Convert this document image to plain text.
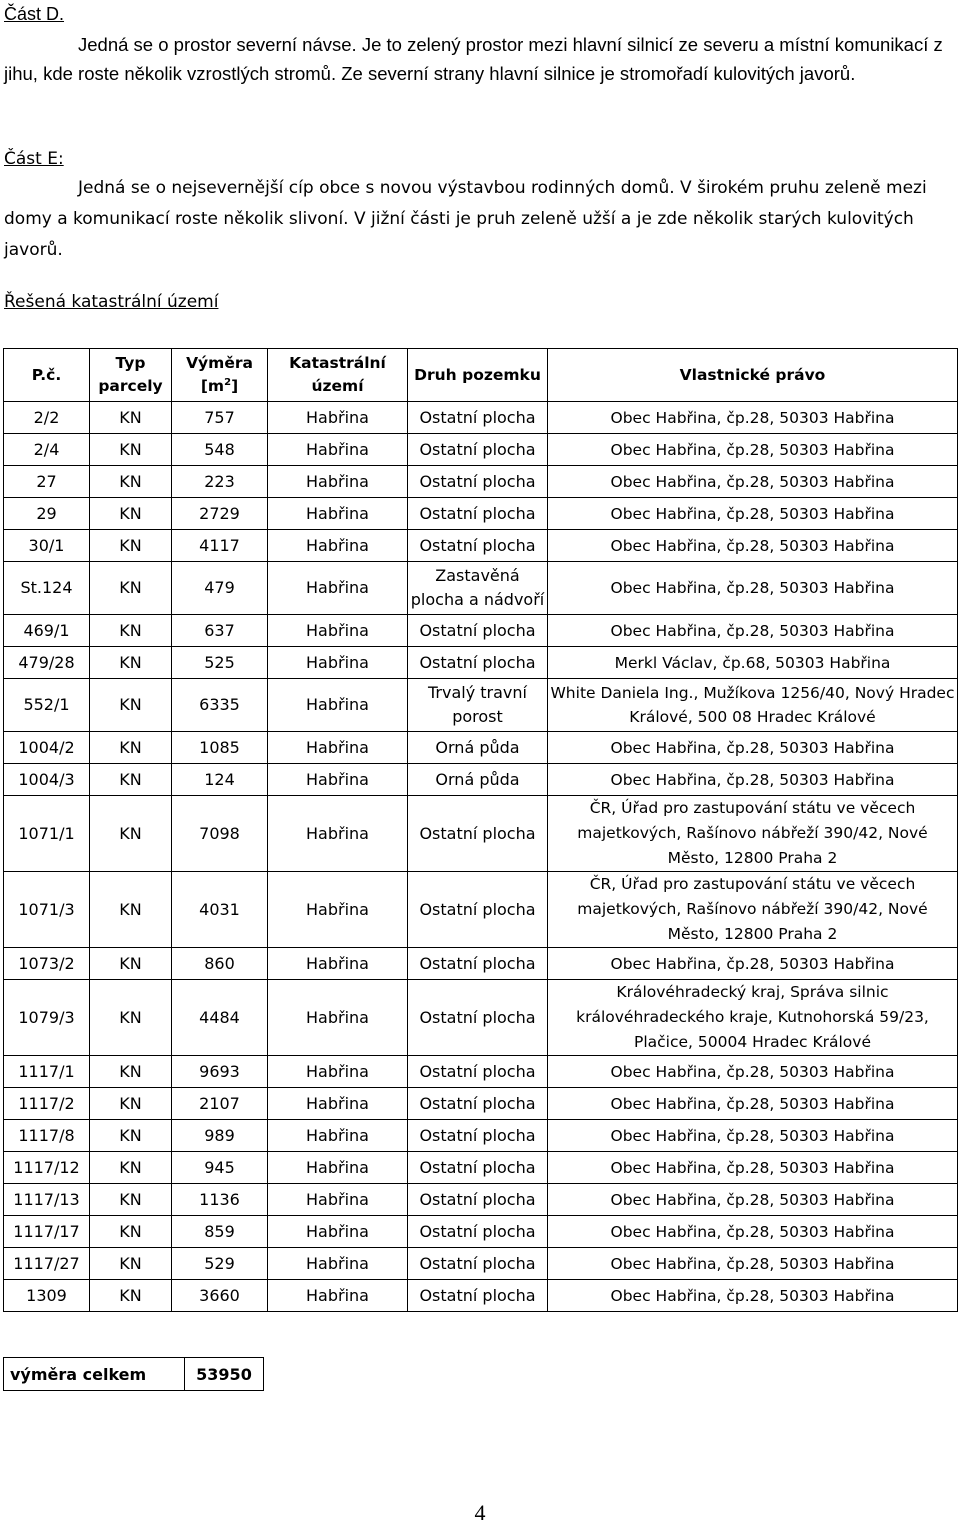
Část D.
Jedná se o prostor severní návse. Je to zelený prostor mezi hlavní silnicí ze severu a místní komunikací z jihu, kde roste několik vzrostlých stromů. Ze severní strany hlavní silnice je stromořadí kulovitých javorů.
Část E:
Jedná se o nejsevernější cíp obce s novou výstavbou rodinných domů. V širokém pruhu zeleně mezi domy a komunikací roste několik slivoní. V jižní části je pruh zeleně užší a je zde několik starých kulovitých javorů.
Řešená katastrální území
P.č.	Typ parcely	Výměra $[m^2]$	Katastrální území	Druh pozemku	Vlastnické právo
2/2	KN	757	Habřina	Ostatní plocha	Obec Habřina, čp.28, 50303 Habřina
2/4	KN	548	Habřina	Ostatní plocha	Obec Habřina, čp.28, 50303 Habřina
27	KN	223	Habřina	Ostatní plocha	Obec Habřina, čp.28, 50303 Habřina
29	KN	2729	Habřina	Ostatní plocha	Obec Habřina, čp.28, 50303 Habřina
30/1	KN	4117	Habřina	Ostatní plocha	Obec Habřina, čp.28, 50303 Habřina
St.124	KN	479	Habřina	Zastavěná plocha a nádvoří	Obec Habřina, čp.28, 50303 Habřina
469/1	KN	637	Habřina	Ostatní plocha	Obec Habřina, čp.28, 50303 Habřina
479/28	KN	525	Habřina	Ostatní plocha	Merkl Václav, čp.68, 50303 Habřina
552/1	KN	6335	Habřina	Trvalý travní porost	White Daniela Ing., Mužíkova 1256/40, Nový Hradec Králové, 500 08 Hradec Králové
1004/2	KN	1085	Habřina	Orná půda	Obec Habřina, čp.28, 50303 Habřina
1004/3	KN	124	Habřina	Orná půda	Obec Habřina, čp.28, 50303 Habřina
1071/1	KN	7098	Habřina	Ostatní plocha	ČR, Úřad pro zastupování státu ve věcech majetkových, Rašínovo nábřeží 390/42, Nové Město, 12800 Praha 2
1071/3	KN	4031	Habřina	Ostatní plocha	ČR, Úřad pro zastupování státu ve věcech majetkových, Rašínovo nábřeží 390/42, Nové Město, 12800 Praha 2
1073/2	KN	860	Habřina	Ostatní plocha	Obec Habřina, čp.28, 50303 Habřina
1079/3	KN	4484	Habřina	Ostatní plocha	Královéhradecký kraj, Správa silnic královéhradeckého kraje, Kutnohorská 59/23, Plačice, 50004 Hradec Králové
1117/1	KN	9693	Habřina	Ostatní plocha	Obec Habřina, čp.28, 50303 Habřina
1117/2	KN	2107	Habřina	Ostatní plocha	Obec Habřina, čp.28, 50303 Habřina
1117/8	KN	989	Habřina	Ostatní plocha	Obec Habřina, čp.28, 50303 Habřina
1117/12	KN	945	Habřina	Ostatní plocha	Obec Habřina, čp.28, 50303 Habřina
1117/13	KN	1136	Habřina	Ostatní plocha	Obec Habřina, čp.28, 50303 Habřina
1117/17	KN	859	Habřina	Ostatní plocha	Obec Habřina, čp.28, 50303 Habřina
1117/27	KN	529	Habřina	Ostatní plocha	Obec Habřina, čp.28, 50303 Habřina
1309	KN	3660	Habřina	Ostatní plocha	Obec Habřina, čp.28, 50303 Habřina
výměra celkem	53950
4
